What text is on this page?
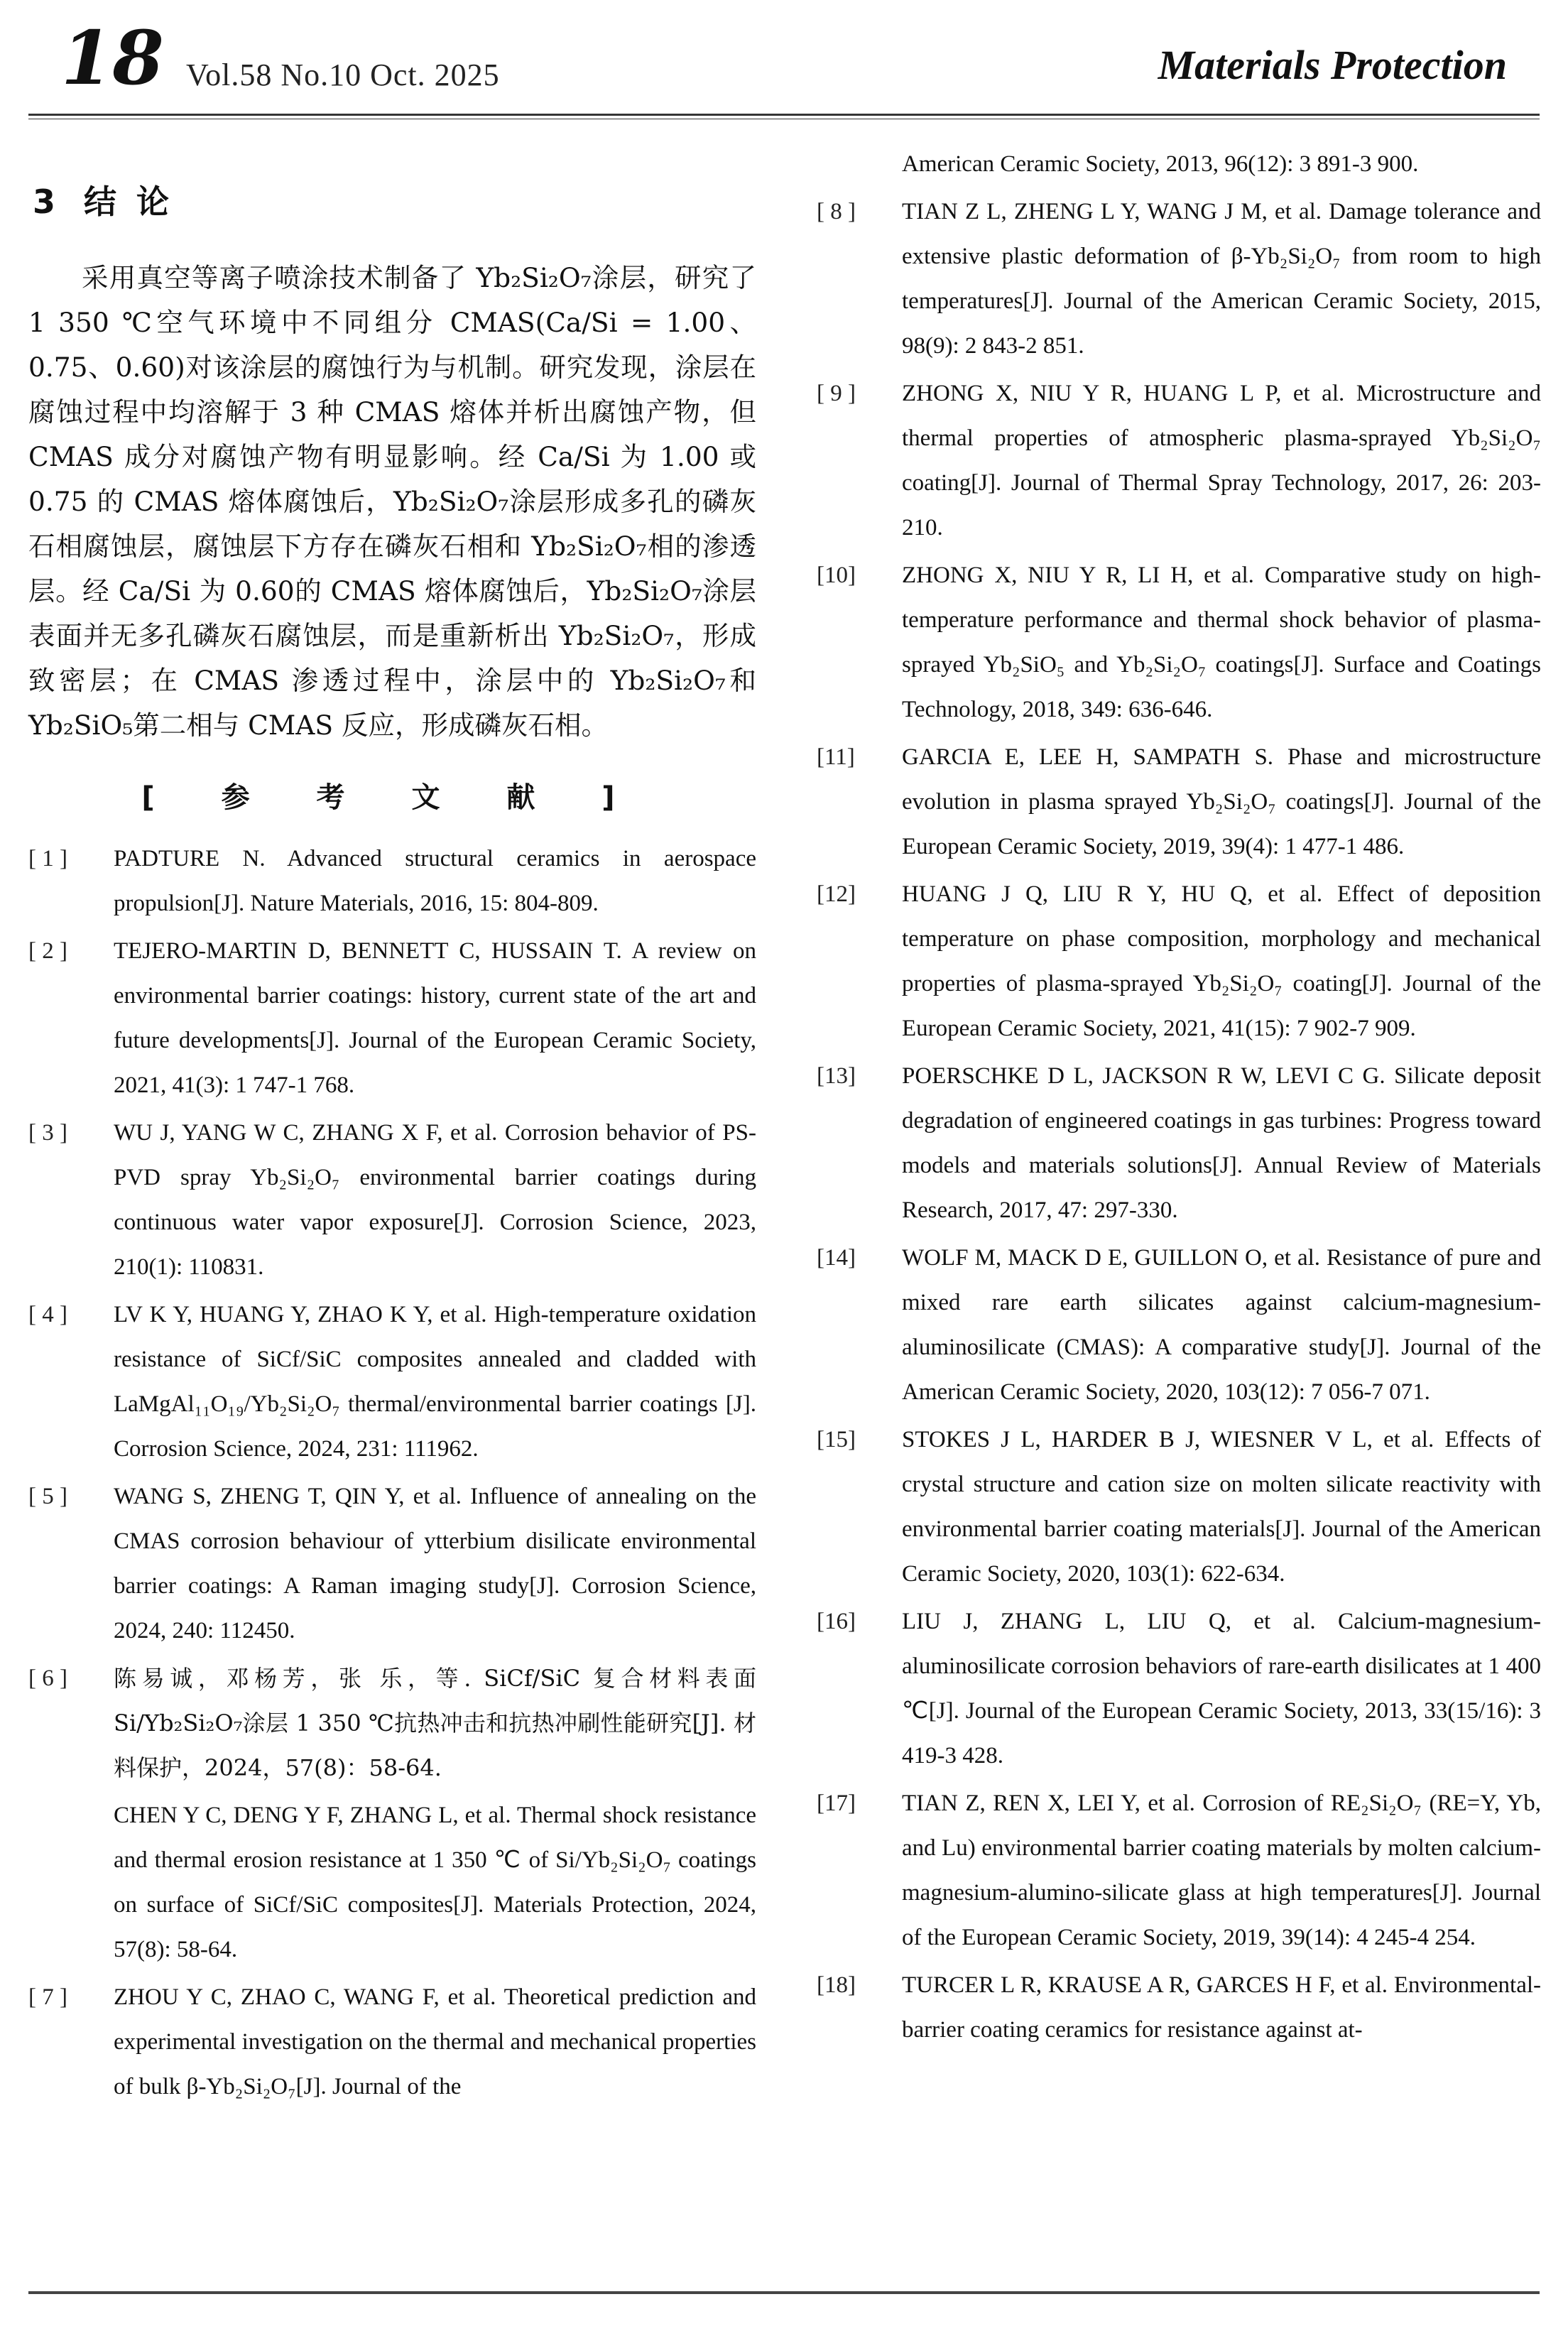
18 Vol.58 No.10 Oct. 2025	Materials Protection
3 结 论

采用真空等离子喷涂技术制备了 Yb₂Si₂O₇涂层，研究了 1 350 ℃空气环境中不同组分 CMAS(Ca/Si = 1.00、0.75、0.60)对该涂层的腐蚀行为与机制。研究发现，涂层在腐蚀过程中均溶解于 3 种 CMAS 熔体并析出腐蚀产物，但 CMAS 成分对腐蚀产物有明显影响。经 Ca/Si 为 1.00 或 0.75 的 CMAS 熔体腐蚀后，Yb₂Si₂O₇涂层形成多孔的磷灰石相腐蚀层，腐蚀层下方存在磷灰石相和 Yb₂Si₂O₇相的渗透层。经 Ca/Si 为 0.60的 CMAS 熔体腐蚀后，Yb₂Si₂O₇涂层表面并无多孔磷灰石腐蚀层，而是重新析出 Yb₂Si₂O₇，形成致密层；在 CMAS 渗透过程中，涂层中的 Yb₂Si₂O₇和 Yb₂SiO₅第二相与 CMAS 反应，形成磷灰石相。

[ 参 考 文 献 ]
[ 1 ]	PADTURE N. Advanced structural ceramics in aerospace propulsion[J]. Nature Materials, 2016, 15: 804-809.
[ 2 ]	TEJERO-MARTIN D, BENNETT C, HUSSAIN T. A review on environmental barrier coatings: history, current state of the art and future developments[J]. Journal of the European Ceramic Society, 2021, 41(3): 1 747-1 768.
[ 3 ]	WU J, YANG W C, ZHANG X F, et al. Corrosion behavior of PS-PVD spray Yb₂Si₂O₇ environmental barrier coatings during continuous water vapor exposure[J]. Corrosion Science, 2023, 210(1): 110831.
[ 4 ]	LV K Y, HUANG Y, ZHAO K Y, et al. High-temperature oxidation resistance of SiCf/SiC composites annealed and cladded with LaMgAl₁₁O₁₉/Yb₂Si₂O₇ thermal/environmental barrier coatings [J]. Corrosion Science, 2024, 231: 111962.
[ 5 ]	WANG S, ZHENG T, QIN Y, et al. Influence of annealing on the CMAS corrosion behaviour of ytterbium disilicate environmental barrier coatings: A Raman imaging study[J]. Corrosion Science, 2024, 240: 112450.
[ 6 ]	陈易诚，邓杨芳，张 乐，等. SiCf/SiC 复合材料表面 Si/Yb₂Si₂O₇涂层 1 350 ℃抗热冲击和抗热冲刷性能研究[J]. 材料保护，2024，57(8)：58-64.
CHEN Y C, DENG Y F, ZHANG L, et al. Thermal shock resistance and thermal erosion resistance at 1 350 ℃ of Si/Yb₂Si₂O₇ coatings on surface of SiCf/SiC composites[J]. Materials Protection, 2024, 57(8): 58-64.
[ 7 ]	ZHOU Y C, ZHAO C, WANG F, et al. Theoretical prediction and experimental investigation on the thermal and mechanical properties of bulk β-Yb₂Si₂O₇[J]. Journal of the
American Ceramic Society, 2013, 96(12): 3 891-3 900.
[ 8 ]	TIAN Z L, ZHENG L Y, WANG J M, et al. Damage tolerance and extensive plastic deformation of β-Yb₂Si₂O₇ from room to high temperatures[J]. Journal of the American Ceramic Society, 2015, 98(9): 2 843-2 851.
[ 9 ]	ZHONG X, NIU Y R, HUANG L P, et al. Microstructure and thermal properties of atmospheric plasma-sprayed Yb₂Si₂O₇ coating[J]. Journal of Thermal Spray Technology, 2017, 26: 203-210.
[10]	ZHONG X, NIU Y R, LI H, et al. Comparative study on high-temperature performance and thermal shock behavior of plasma-sprayed Yb₂SiO₅ and Yb₂Si₂O₇ coatings[J]. Surface and Coatings Technology, 2018, 349: 636-646.
[11]	GARCIA E, LEE H, SAMPATH S. Phase and microstructure evolution in plasma sprayed Yb₂Si₂O₇ coatings[J]. Journal of the European Ceramic Society, 2019, 39(4): 1 477-1 486.
[12]	HUANG J Q, LIU R Y, HU Q, et al. Effect of deposition temperature on phase composition, morphology and mechanical properties of plasma-sprayed Yb₂Si₂O₇ coating[J]. Journal of the European Ceramic Society, 2021, 41(15): 7 902-7 909.
[13]	POERSCHKE D L, JACKSON R W, LEVI C G. Silicate deposit degradation of engineered coatings in gas turbines: Progress toward models and materials solutions[J]. Annual Review of Materials Research, 2017, 47: 297-330.
[14]	WOLF M, MACK D E, GUILLON O, et al. Resistance of pure and mixed rare earth silicates against calcium-magnesium-aluminosilicate (CMAS): A comparative study[J]. Journal of the American Ceramic Society, 2020, 103(12): 7 056-7 071.
[15]	STOKES J L, HARDER B J, WIESNER V L, et al. Effects of crystal structure and cation size on molten silicate reactivity with environmental barrier coating materials[J]. Journal of the American Ceramic Society, 2020, 103(1): 622-634.
[16]	LIU J, ZHANG L, LIU Q, et al. Calcium-magnesium-aluminosilicate corrosion behaviors of rare-earth disilicates at 1 400 ℃[J]. Journal of the European Ceramic Society, 2013, 33(15/16): 3 419-3 428.
[17]	TIAN Z, REN X, LEI Y, et al. Corrosion of RE₂Si₂O₇ (RE=Y, Yb, and Lu) environmental barrier coating materials by molten calcium-magnesium-alumino-silicate glass at high temperatures[J]. Journal of the European Ceramic Society, 2019, 39(14): 4 245-4 254.
[18]	TURCER L R, KRAUSE A R, GARCES H F, et al. Environmental-barrier coating ceramics for resistance against at-
